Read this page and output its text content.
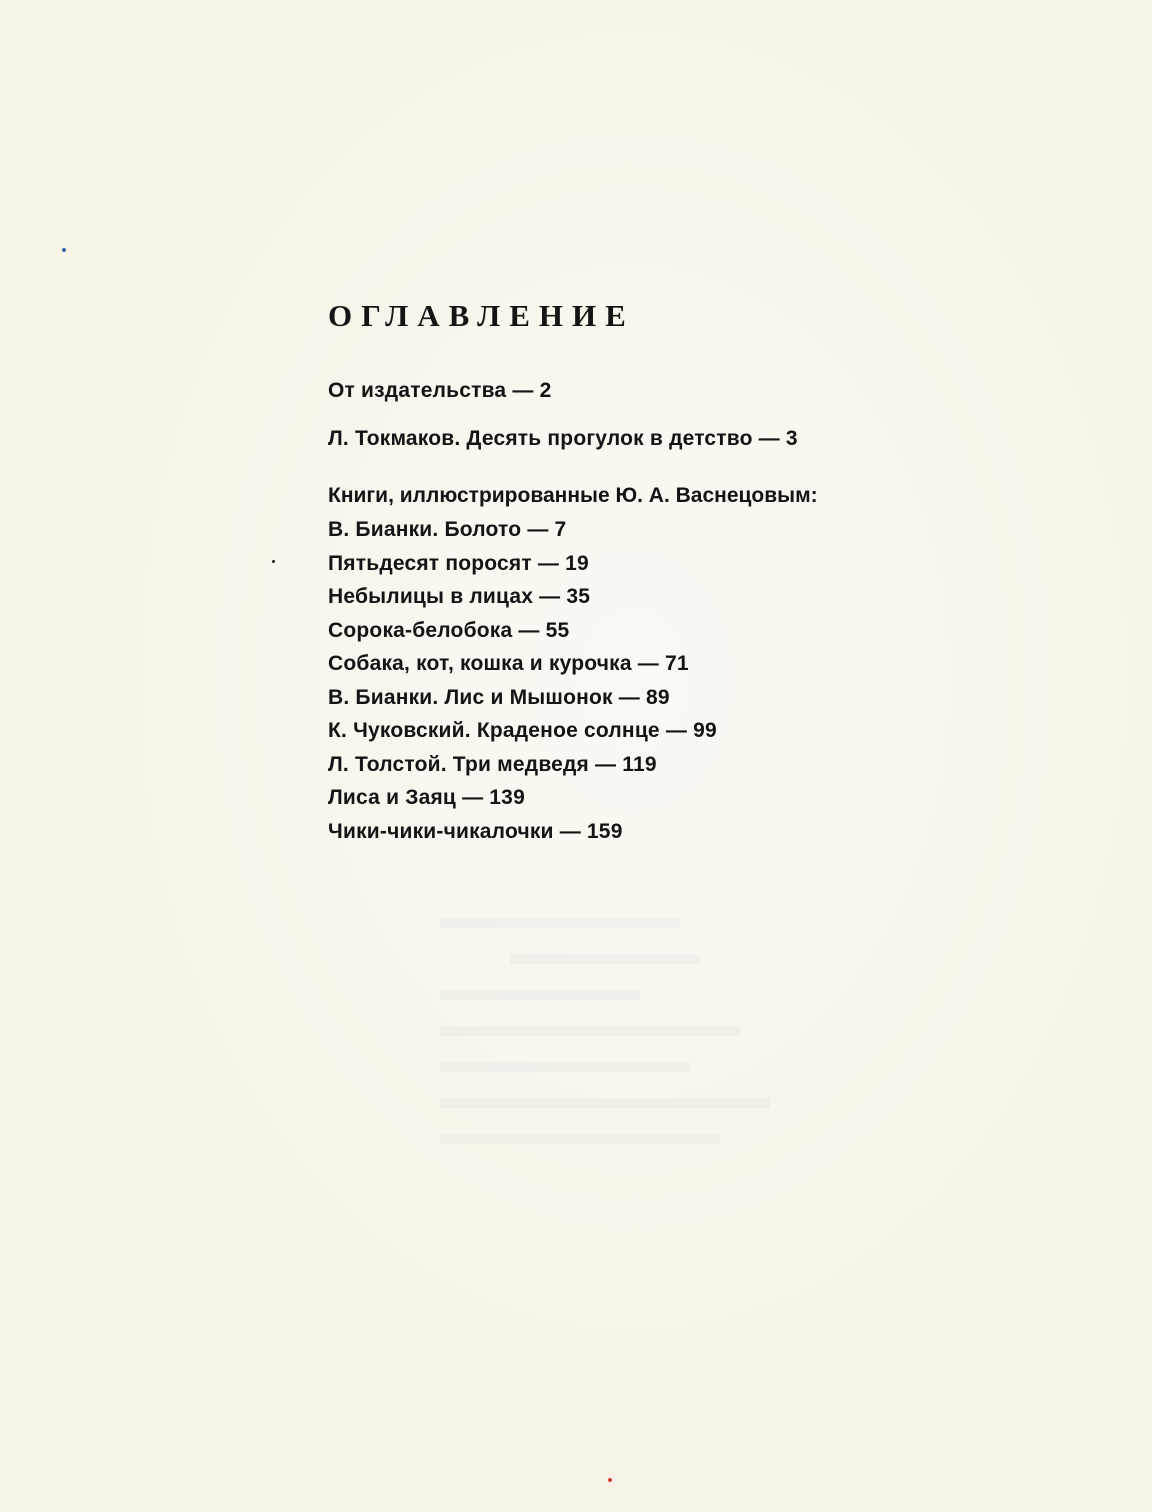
ОГЛАВЛЕНИЕ
От издательства — 2
Л. Токмаков. Десять прогулок в детство — 3
Книги, иллюстрированные Ю. А. Васнецовым:
В. Бианки. Болото — 7
Пятьдесят поросят — 19
Небылицы в лицах — 35
Сорока-белобока — 55
Собака, кот, кошка и курочка — 71
В. Бианки. Лис и Мышонок — 89
К. Чуковский. Краденое солнце — 99
Л. Толстой. Три медведя — 119
Лиса и Заяц — 139
Чики-чики-чикалочки — 159
